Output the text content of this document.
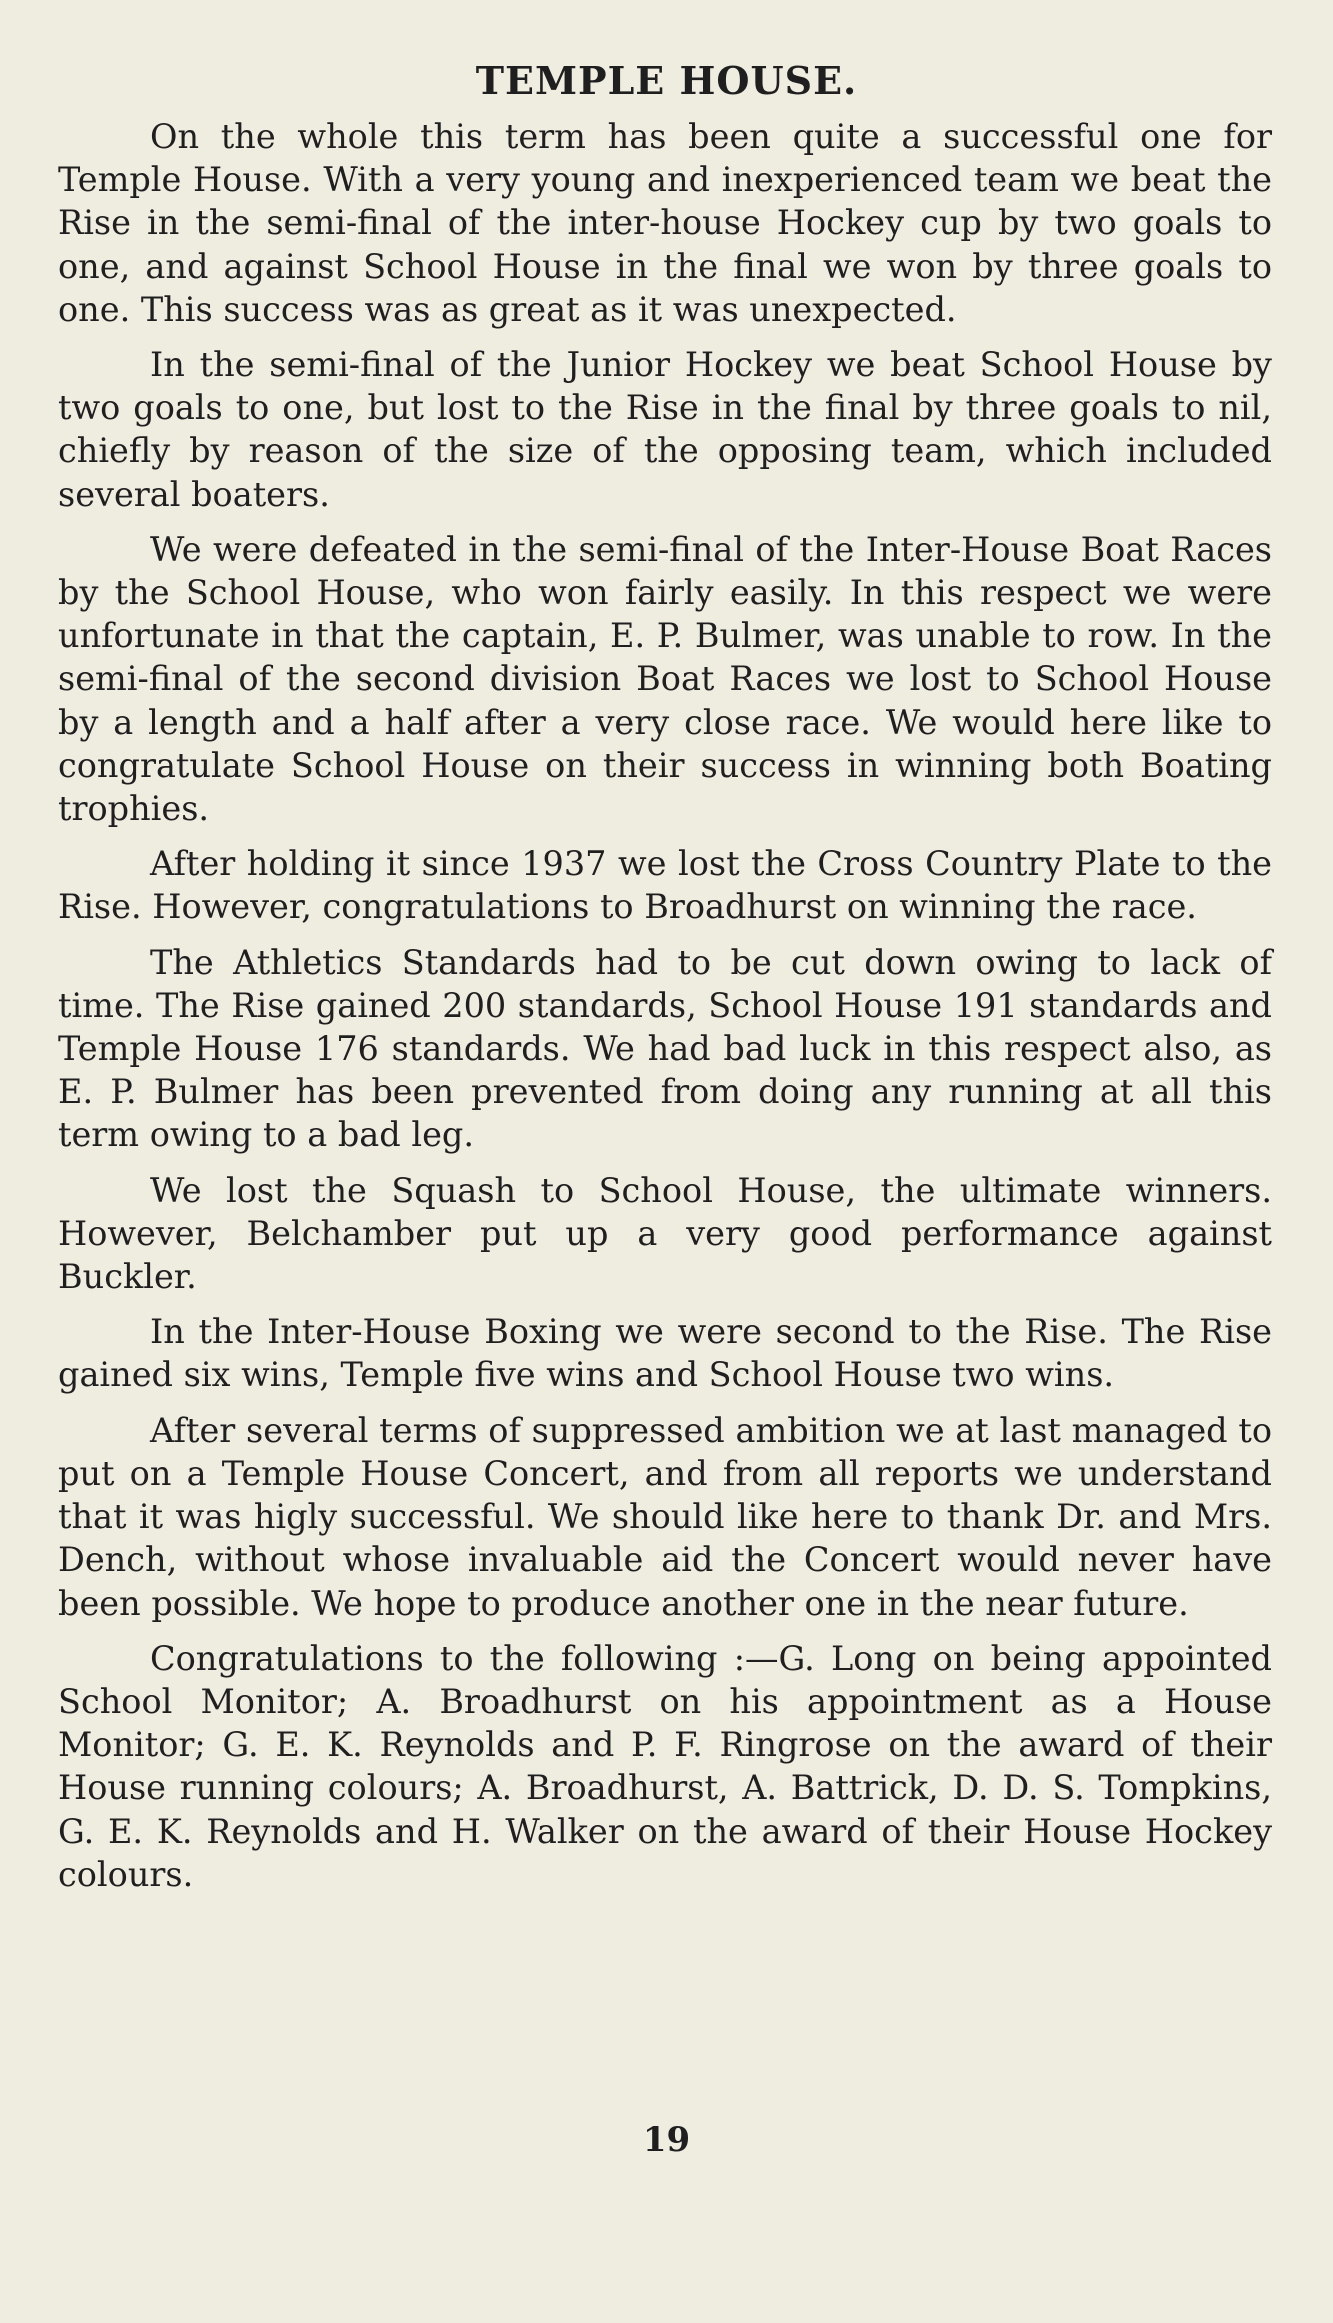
TEMPLE HOUSE.

On the whole this term has been quite a successful one for Temple House. With a very young and inexperienced team we beat the Rise in the semi-final of the inter-house Hockey cup by two goals to one, and against School House in the final we won by three goals to one. This success was as great as it was unexpected.

In the semi-final of the Junior Hockey we beat School House by two goals to one, but lost to the Rise in the final by three goals to nil, chiefly by reason of the size of the opposing team, which included several boaters.

We were defeated in the semi-final of the Inter-House Boat Races by the School House, who won fairly easily. In this respect we were unfortunate in that the captain, E. P. Bulmer, was unable to row. In the semi-final of the second division Boat Races we lost to School House by a length and a half after a very close race. We would here like to congratulate School House on their success in winning both Boating trophies.

After holding it since 1937 we lost the Cross Country Plate to the Rise. However, congratulations to Broadhurst on winning the race.

The Athletics Standards had to be cut down owing to lack of time. The Rise gained 200 standards, School House 191 standards and Temple House 176 standards. We had bad luck in this respect also, as E. P. Bulmer has been prevented from doing any running at all this term owing to a bad leg.

We lost the Squash to School House, the ultimate winners. However, Belchamber put up a very good performance against Buckler.

In the Inter-House Boxing we were second to the Rise. The Rise gained six wins, Temple five wins and School House two wins.

After several terms of suppressed ambition we at last managed to put on a Temple House Concert, and from all reports we understand that it was higly successful. We should like here to thank Dr. and Mrs. Dench, without whose invaluable aid the Concert would never have been possible. We hope to produce another one in the near future.

Congratulations to the following :—G. Long on being appointed School Monitor; A. Broadhurst on his appointment as a House Monitor; G. E. K. Reynolds and P. F. Ringrose on the award of their House running colours; A. Broadhurst, A. Battrick, D. D. S. Tompkins, G. E. K. Reynolds and H. Walker on the award of their House Hockey colours.

19
